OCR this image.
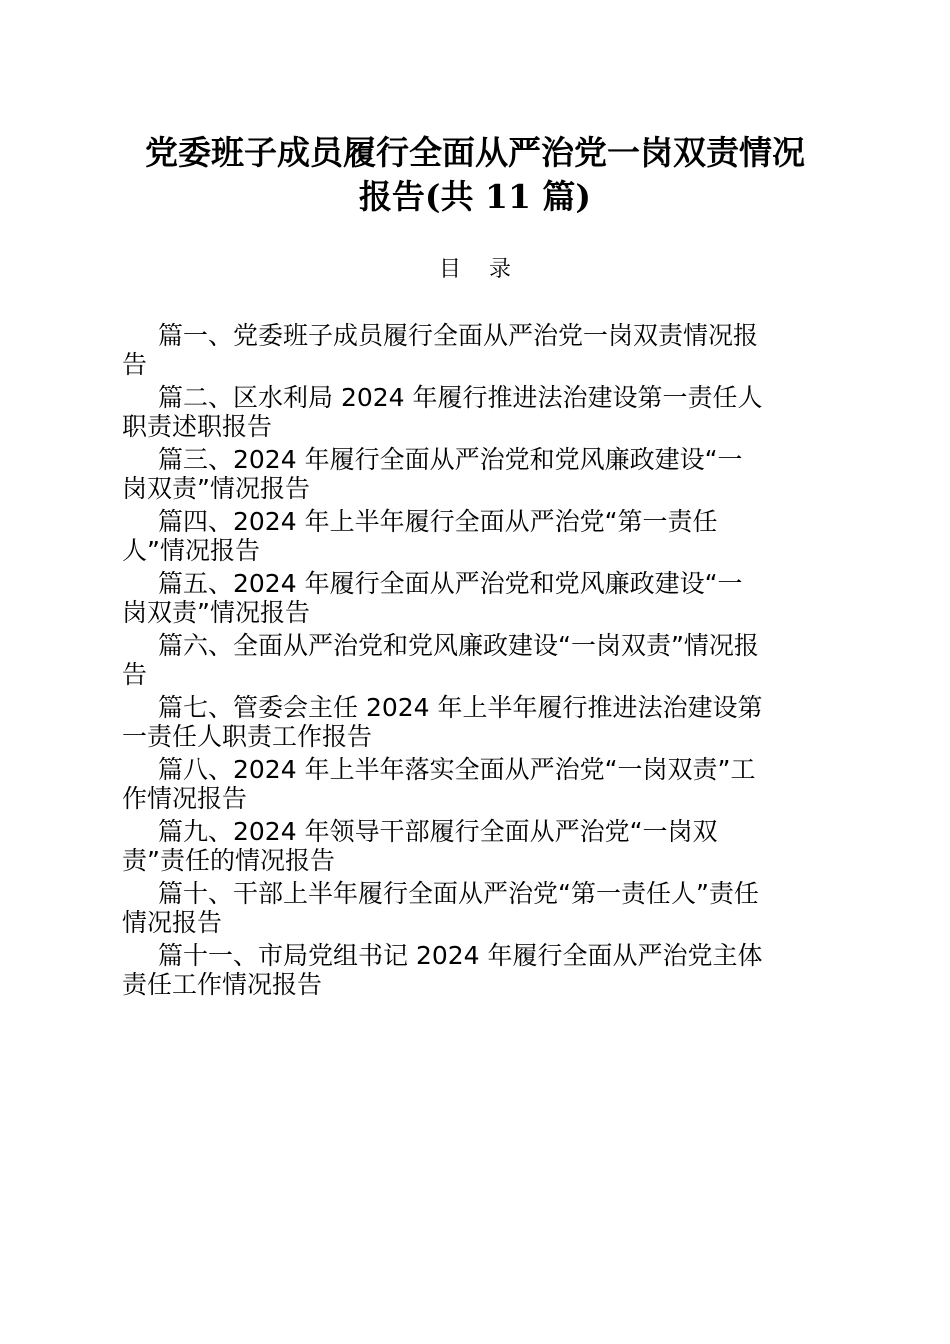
党委班子成员履行全面从严治党一岗双责情况
报告(共 11 篇)
目录
篇一、党委班子成员履行全面从严治党一岗双责情况报
告
篇二、区水利局 2024 年履行推进法治建设第一责任人
职责述职报告
篇三、2024 年履行全面从严治党和党风廉政建设“一
岗双责”情况报告
篇四、2024 年上半年履行全面从严治党“第一责任
人”情况报告
篇五、2024 年履行全面从严治党和党风廉政建设“一
岗双责”情况报告
篇六、全面从严治党和党风廉政建设“一岗双责”情况报
告
篇七、管委会主任 2024 年上半年履行推进法治建设第
一责任人职责工作报告
篇八、2024 年上半年落实全面从严治党“一岗双责”工
作情况报告
篇九、2024 年领导干部履行全面从严治党“一岗双
责”责任的情况报告
篇十、干部上半年履行全面从严治党“第一责任人”责任
情况报告
篇十一、市局党组书记 2024 年履行全面从严治党主体
责任工作情况报告
